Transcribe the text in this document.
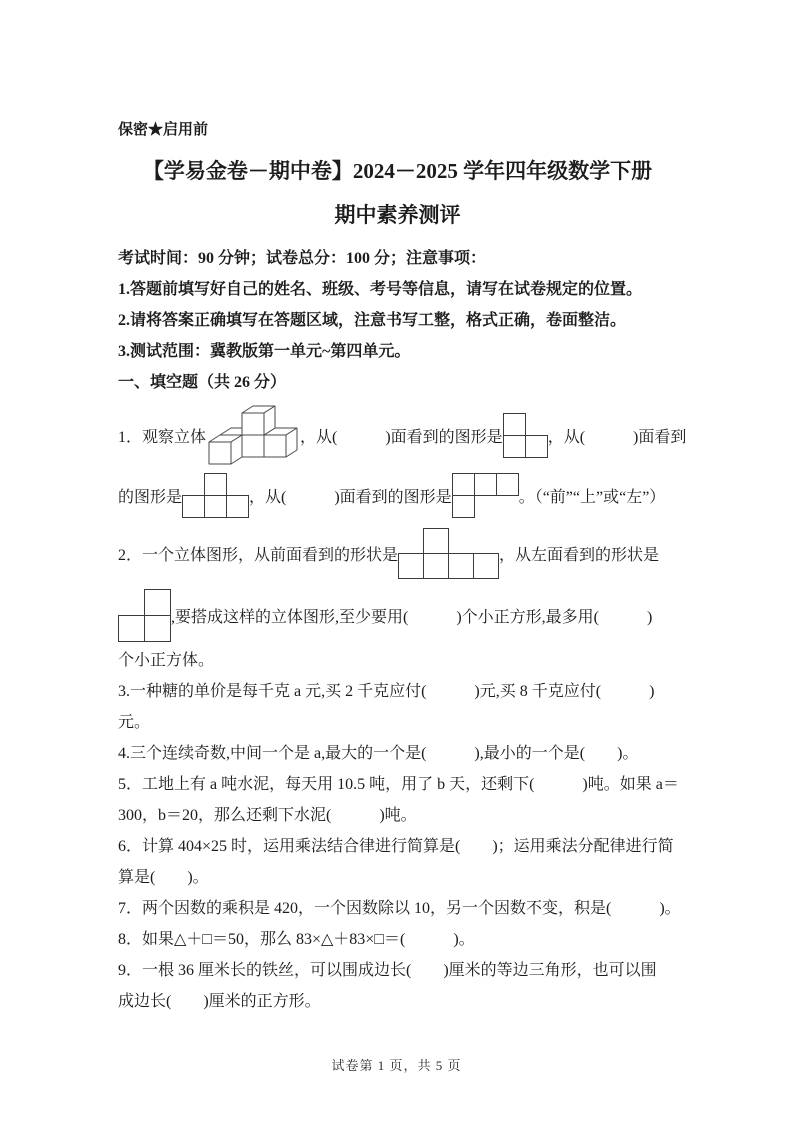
保密★启用前

【学易金卷－期中卷】2024－2025 学年四年级数学下册
期中素养测评

考试时间：90 分钟；试卷总分：100 分；注意事项：

1.答题前填写好自己的姓名、班级、考号等信息，请写在试卷规定的位置。

2.请将答案正确填写在答题区域，注意书写工整，格式正确，卷面整洁。

3.测试范围：冀教版第一单元~第四单元。

一、填空题（共 26 分）

1．观察立体	，从(　　　)面看到的图形是	，从(　　　)面看到
的图形是	，从(　　　)面看到的图形是	。（“前”“上”或“左”）
2．一个立体图形，从前面看到的形状是	，从左面看到的形状是
,要搭成这样的立体图形,至少要用(　　　)个小正方形,最多用(　　　)

个小正方体。

3.一种糖的单价是每千克 a 元,买 2 千克应付(　　　)元,买 8 千克应付(　　　)

元。

4.三个连续奇数,中间一个是 a,最大的一个是(　　　),最小的一个是(　　)。

5．工地上有 a 吨水泥，每天用 10.5 吨，用了 b 天，还剩下(　　　)吨。如果 a＝

300，b＝20，那么还剩下水泥(　　　)吨。

6．计算 404×25 时，运用乘法结合律进行简算是(　　)；运用乘法分配律进行简

算是(　　)。

7．两个因数的乘积是 420，一个因数除以 10，另一个因数不变，积是(　　　)。

8．如果△＋□＝50，那么 83×△＋83×□＝(　　　)。

9．一根 36 厘米长的铁丝，可以围成边长(　　)厘米的等边三角形，也可以围

成边长(　　)厘米的正方形。

试卷第 1 页，共 5 页
